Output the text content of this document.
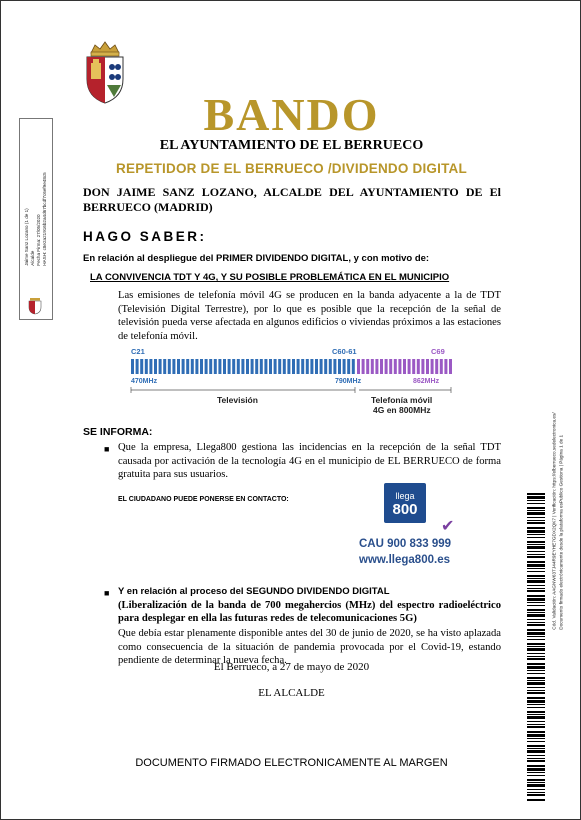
Jaime Sanz Lozano (1 de 1) Alcalde Fecha Firma: 27/05/2020 HASH: c8e2a21916b2a4d67bcdf7c6ef9e48c5
BANDO
EL AYUNTAMIENTO DE EL BERRUECO
REPETIDOR DE EL BERRUECO /DIVIDENDO DIGITAL
DON JAIME SANZ LOZANO, ALCALDE DEL AYUNTAMIENTO DE El BERRUECO (MADRID)
HAGO SABER:
En relación al despliegue del PRIMER DIVIDENDO DIGITAL, y con motivo de:
LA CONVIVENCIA TDT Y 4G, Y SU POSIBLE PROBLEMÁTICA EN EL MUNICIPIO
Las emisiones de telefonía móvil 4G se producen en la banda adyacente a la de TDT (Televisión Digital Terrestre), por lo que es posible que la recepción de la señal de televisión pueda verse afectada en algunos edificios o viviendas próximos a las estaciones de telefonía móvil.
C21	C60-61	C69
470MHz	790MHz	862MHz
Televisión	Telefonía móvil
4G en 800MHz
SE INFORMA:
■ Que la empresa, Llega800 gestiona las incidencias en la recepción de la señal TDT causada por activación de la tecnología 4G en el municipio de EL BERRUECO de forma gratuita para sus usuarios.
EL CIUDADANO PUEDE PONERSE EN CONTACTO:	llega
800
✔
CAU 900 833 999
www.llega800.es
■ Y en relación al proceso del SEGUNDO DIVIDENDO DIGITAL
(Liberalización de la banda de 700 megahercios (MHz) del espectro radioeléctrico para desplegar en ella las futuras redes de telecomunicaciones 5G)
Que debía estar plenamente disponible antes del 30 de junio de 2020, se ha visto aplazada como consecuencia de la situación de pandemia provocada por el Covid-19, estando pendiente de determinar la nueva fecha.
El Berrueco, a 27 de mayo de 2020
EL ALCALDE
DOCUMENTO FIRMADO ELECTRONICAMENTE AL MARGEN
Cód. Validación: AAGNW63TJ44R9EYHE7GDX2QK7 | Verificación: https://elberrueco.sedelectronica.es/ Documento firmado electrónicamente desde la plataforma esPublico Gestiona | Página 1 de 1
